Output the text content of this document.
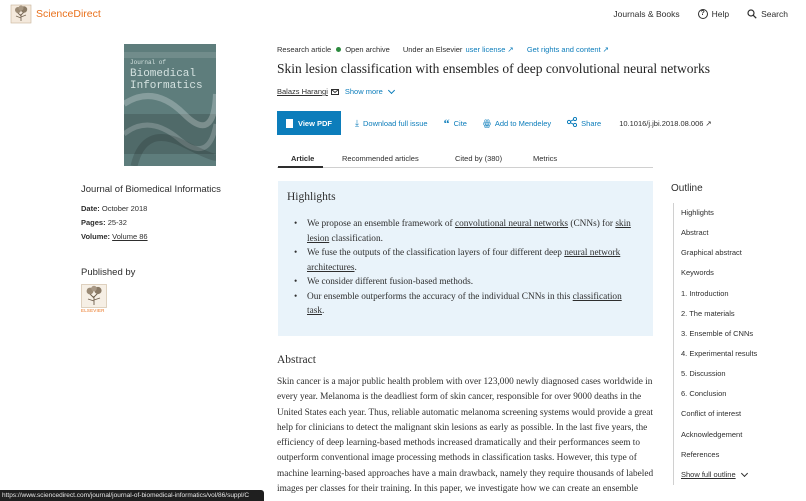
ScienceDirect	Journals & Books	? Help	Search
Journal of
Biomedical
Informatics
Journal of Biomedical Informatics
Date: October 2018
Pages: 25-32
Volume: Volume 86
Published by
ELSEVIER
Research article Open archive Under an Elsevier user license ↗ Get rights and content ↗
Skin lesion classification with ensembles of deep convolutional neural networks
Balazs Harangi Show more
View PDF	⤓ Download full issue “ Cite ꙮ Add to Mendeley	Share 10.1016/j.jbi.2018.08.006 ↗
Article	Recommended articles	Cited by (380)	Metrics
Highlights
• We propose an ensemble framework of convolutional neural networks (CNNs) for skin lesion classification.
• We fuse the outputs of the classification layers of four different deep neural network architectures.
• We consider different fusion-based methods.
• Our ensemble outperforms the accuracy of the individual CNNs in this classification task.
Abstract

Skin cancer is a major public health problem with over 123,000 newly diagnosed cases worldwide in every year. Melanoma is the deadliest form of skin cancer, responsible for over 9000 deaths in the United States each year. Thus, reliable automatic melanoma screening systems would provide a great help for clinicians to detect the malignant skin lesions as early as possible. In the last five years, the efficiency of deep learning-based methods increased dramatically and their performances seem to outperform conventional image processing methods in classification tasks. However, this type of machine learning-based approaches have a main drawback, namely they require thousands of labeled images per classes for their training. In this paper, we investigate how we can create an ensemble

Outline
Highlights
Abstract
Graphical abstract
Keywords
1. Introduction
2. The materials
3. Ensemble of CNNs
4. Experimental results
5. Discussion
6. Conclusion
Conflict of interest
Acknowledgement
References
Show full outline
https://www.sciencedirect.com/journal/journal-of-biomedical-informatics/vol/86/suppl/C
